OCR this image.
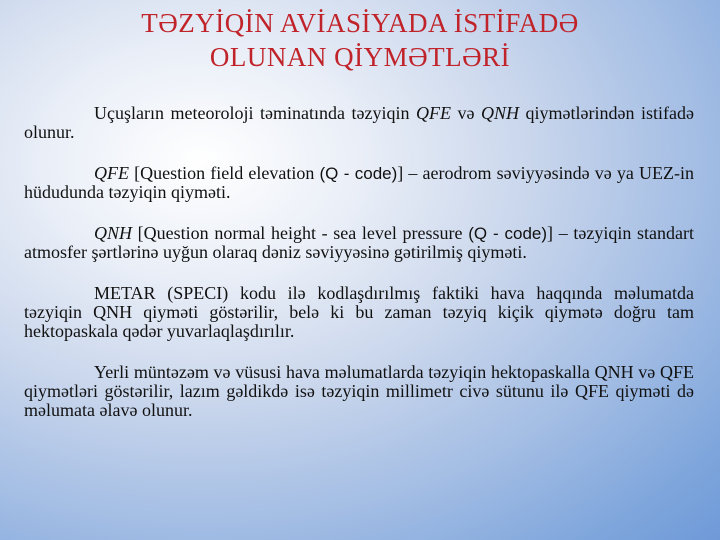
TƏZYİQİN AVİASİYADA İSTİFADƏ
OLUNAN QİYMƏTLƏRİ

Uçuşların meteoroloji təminatında təzyiqin QFE və QNH qiymətlərindən istifadə olunur.

QFE [Question field elevation (Q - code)] – aerodrom səviyyəsində və ya UEZ-in hüdudunda təzyiqin qiyməti.

QNH [Question normal height - sea level pressure (Q - code)] – təzyiqin standart atmosfer şərtlərinə uyğun olaraq dəniz səviyyəsinə gətirilmiş qiyməti.

METAR (SPECI) kodu ilə kodlaşdırılmış faktiki hava haqqında məlumatda təzyiqin QNH qiyməti göstərilir, belə ki bu zaman təzyiq kiçik qiymətə doğru tam hektopaskala qədər yuvarlaqlaşdırılır.

Yerli müntəzəm və vüsusi hava məlumatlarda təzyiqin hektopaskalla QNH və QFE qiymətləri göstərilir, lazım gəldikdə isə təzyiqin millimetr civə sütunu ilə QFE qiyməti də məlumata əlavə olunur.
